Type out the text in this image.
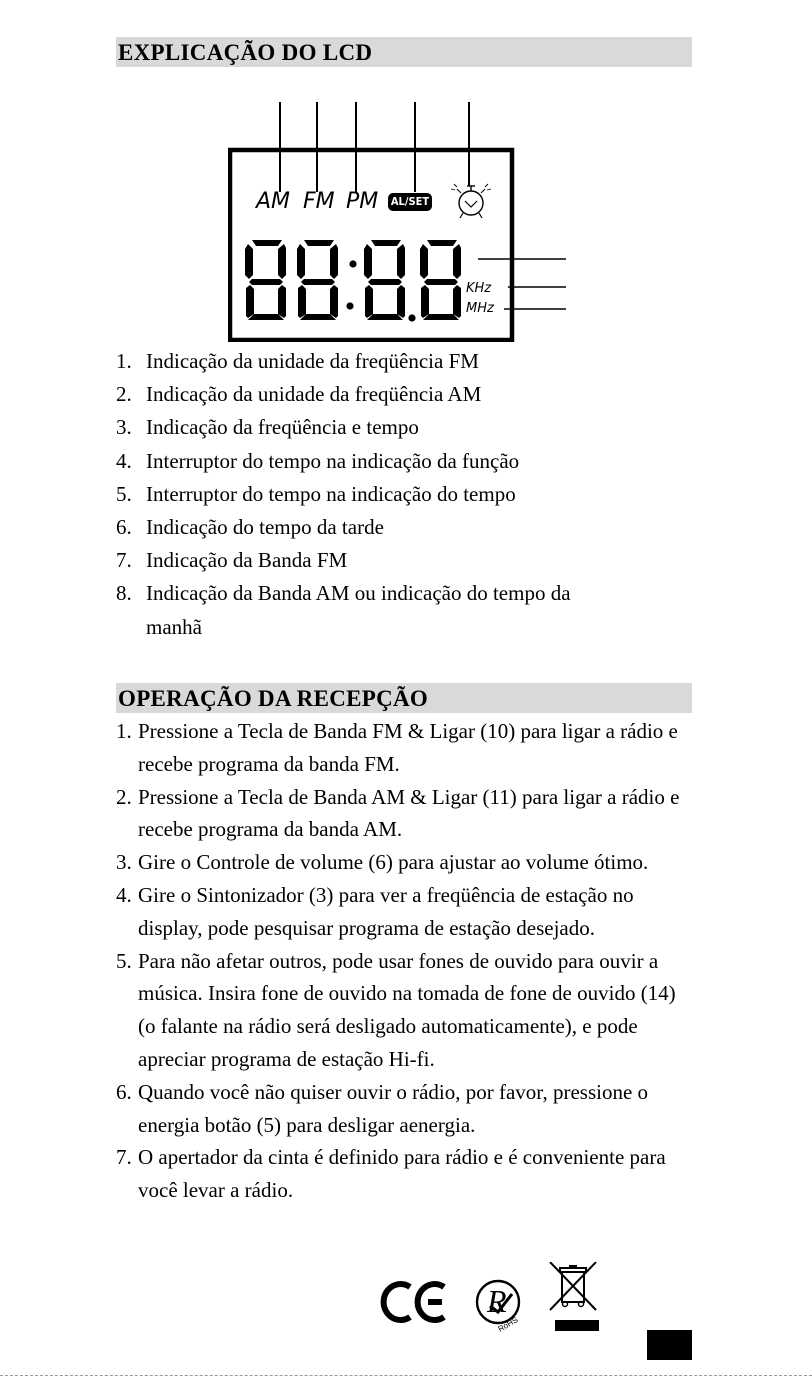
EXPLICAÇÃO DO LCD
AM FM PM AL/SET
KHz
MHz
1. Indicação da unidade da freqüência FM
2. Indicação da unidade da freqüência AM
3. Indicação da freqüência e tempo
4. Interruptor do tempo na indicação da função
5. Interruptor do tempo na indicação do tempo
6. Indicação do tempo da tarde
7. Indicação da Banda FM
8. Indicação da Banda AM ou indicação do tempo da manhã
OPERAÇÃO DA RECEPÇÃO
1. Pressione a Tecla de Banda FM & Ligar (10) para ligar a rádio e recebe programa da banda FM.
2. Pressione a Tecla de Banda AM & Ligar (11) para ligar a rádio e recebe programa da banda AM.
3. Gire o Controle de volume (6) para ajustar ao volume ótimo.
4. Gire o Sintonizador (3) para ver a freqüência de estação no display, pode pesquisar programa de estação desejado.
5. Para não afetar outros, pode usar fones de ouvido para ouvir a música. Insira fone de ouvido na tomada de fone de ouvido (14) (o falante na rádio será desligado automaticamente), e pode apreciar programa de estação Hi-fi.
6. Quando você não quiser ouvir o rádio, por favor, pressione o energia botão (5) para desligar aenergia.
7. O apertador da cinta é definido para rádio e é conveniente para você levar a rádio.
R
RoHS
